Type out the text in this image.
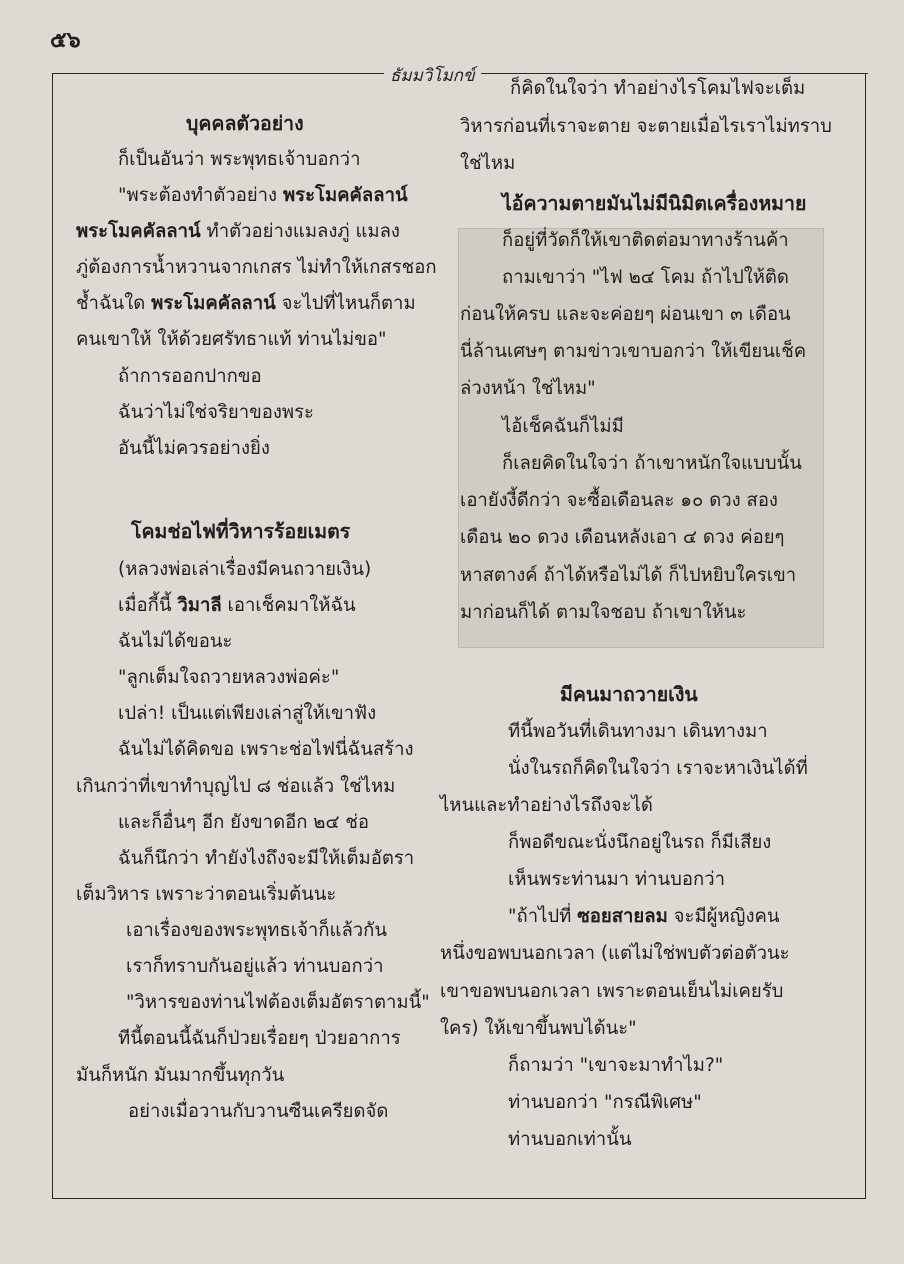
๕๖
ธัมมวิโมกข์

บุคคลตัวอย่าง

ก็เป็นอันว่า พระพุทธเจ้าบอกว่า

"พระต้องทำตัวอย่าง พระโมคคัลลาน์

พระโมคคัลลาน์ ทำตัวอย่างแมลงภู่ แมลง

ภู่ต้องการน้ำหวานจากเกสร ไม่ทำให้เกสรชอก

ช้ำฉันใด พระโมคคัลลาน์ จะไปที่ไหนก็ตาม

คนเขาให้ ให้ด้วยศรัทธาแท้ ท่านไม่ขอ"

ถ้าการออกปากขอ

ฉันว่าไม่ใช่จริยาของพระ

อันนี้ไม่ควรอย่างยิ่ง

โคมช่อไฟที่วิหารร้อยเมตร

(หลวงพ่อเล่าเรื่องมีคนถวายเงิน)

เมื่อกี้นี้ วิมาลี เอาเช็คมาให้ฉัน

ฉันไม่ได้ขอนะ

"ลูกเต็มใจถวายหลวงพ่อค่ะ"

เปล่า! เป็นแต่เพียงเล่าสู่ให้เขาฟัง

ฉันไม่ได้คิดขอ เพราะช่อไฟนี่ฉันสร้าง

เกินกว่าที่เขาทำบุญไป ๘ ช่อแล้ว ใช่ไหม

และก็อื่นๆ อีก ยังขาดอีก ๒๔ ช่อ

ฉันก็นึกว่า ทำยังไงถึงจะมีให้เต็มอัตรา

เต็มวิหาร เพราะว่าตอนเริ่มต้นนะ

เอาเรื่องของพระพุทธเจ้าก็แล้วกัน

เราก็ทราบกันอยู่แล้ว ท่านบอกว่า

"วิหารของท่านไฟต้องเต็มอัตราตามนี้"

ทีนี้ตอนนี้ฉันก็ป่วยเรื่อยๆ ป่วยอาการ

มันก็หนัก มันมากขึ้นทุกวัน

อย่างเมื่อวานกับวานซืนเครียดจัด

ก็คิดในใจว่า ทำอย่างไรโคมไฟจะเต็ม

วิหารก่อนที่เราจะตาย จะตายเมื่อไรเราไม่ทราบ

ใช่ไหม

ไอ้ความตายมันไม่มีนิมิตเครื่องหมาย

ก็อยู่ที่วัดก็ให้เขาติดต่อมาทางร้านค้า

ถามเขาว่า "ไฟ ๒๔ โคม ถ้าไปให้ติด

ก่อนให้ครบ และจะค่อยๆ ผ่อนเขา ๓ เดือน

นี่ล้านเศษๆ ตามข่าวเขาบอกว่า ให้เขียนเช็ค

ล่วงหน้า ใช่ไหม"

ไอ้เช็คฉันก็ไม่มี

ก็เลยคิดในใจว่า ถ้าเขาหนักใจแบบนั้น

เอายังงี้ดีกว่า จะซื้อเดือนละ ๑๐ ดวง สอง

เดือน ๒๐ ดวง เดือนหลังเอา ๔ ดวง ค่อยๆ

หาสตางค์ ถ้าได้หรือไม่ได้ ก็ไปหยิบใครเขา

มาก่อนก็ได้ ตามใจชอบ ถ้าเขาให้นะ

มีคนมาถวายเงิน

ทีนี้พอวันที่เดินทางมา เดินทางมา

นั่งในรถก็คิดในใจว่า เราจะหาเงินได้ที่

ไหนและทำอย่างไรถึงจะได้

ก็พอดีขณะนั่งนึกอยู่ในรถ ก็มีเสียง

เห็นพระท่านมา ท่านบอกว่า

"ถ้าไปที่ ซอยสายลม จะมีผู้หญิงคน

หนึ่งขอพบนอกเวลา (แต่ไม่ใช่พบตัวต่อตัวนะ

เขาขอพบนอกเวลา เพราะตอนเย็นไม่เคยรับ

ใคร) ให้เขาขึ้นพบได้นะ"

ก็ถามว่า "เขาจะมาทำไม?"

ท่านบอกว่า "กรณีพิเศษ"

ท่านบอกเท่านั้น
